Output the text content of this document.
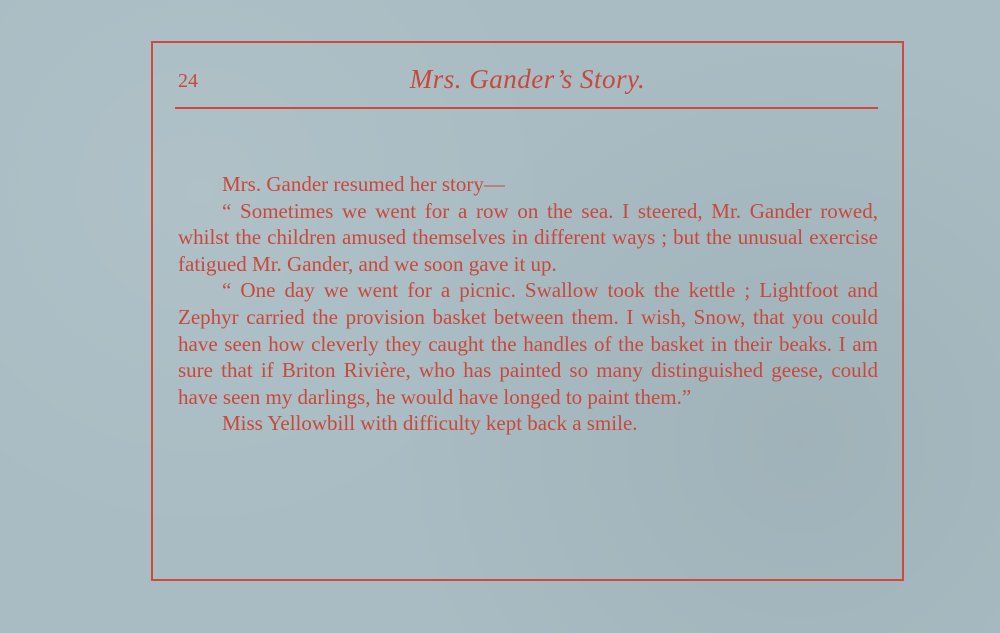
24	Mrs. Gander’s Story.

Mrs. Gander resumed her story—

“ Sometimes we went for a row on the sea. I steered, Mr. Gander rowed, whilst the children amused themselves in different ways ; but the unusual exercise fatigued Mr. Gander, and we soon gave it up.

“ One day we went for a picnic. Swallow took the kettle ; Lightfoot and Zephyr carried the provision basket between them. I wish, Snow, that you could have seen how cleverly they caught the handles of the basket in their beaks. I am sure that if Briton Rivière, who has painted so many distinguished geese, could have seen my darlings, he would have longed to paint them.”

Miss Yellowbill with difficulty kept back a smile.
